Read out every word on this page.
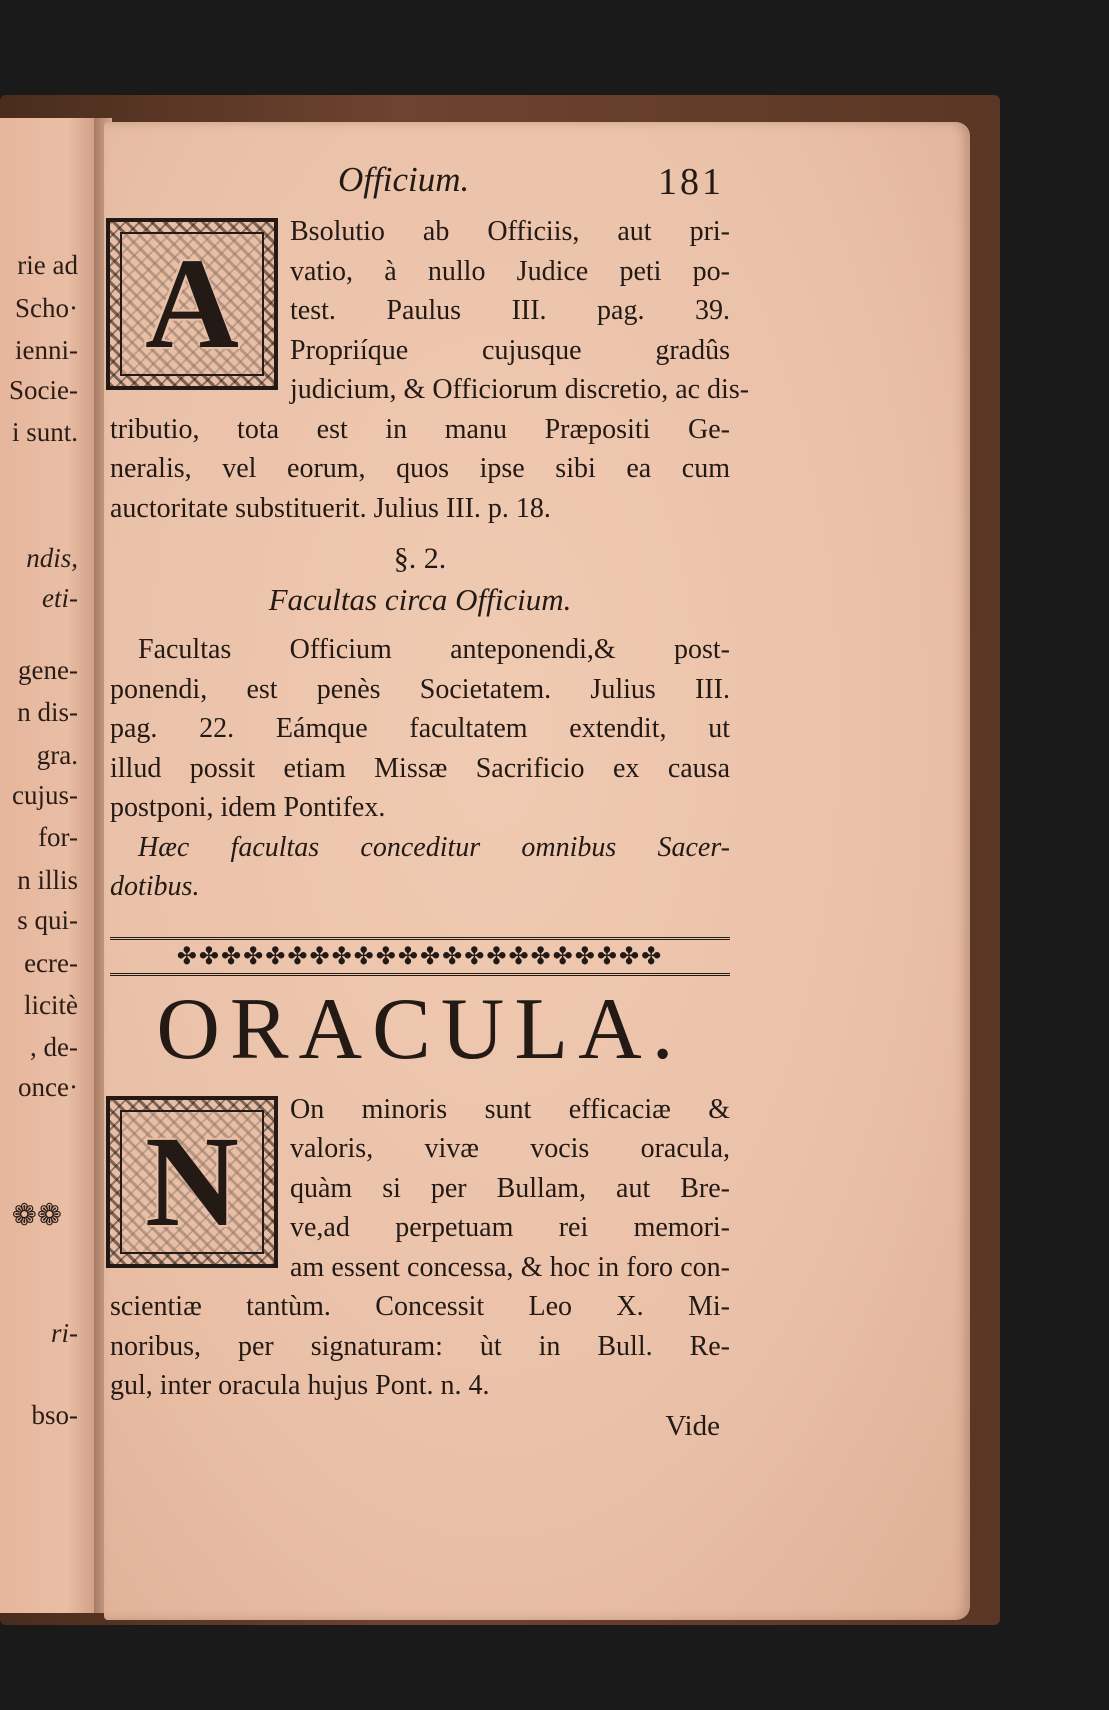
❁❁
rie ad
Scho·
ienni-
Socie-
i sunt.
ndis,
eti-
gene-
n dis-
gra.
cujus-
for-
n illis
s qui-
ecre-
licitè
, de-
once·
ri-
bso-
Officium.	181
A
Bsolutio ab Officiis, aut pri-
vatio, à nullo Judice peti po-
test. Paulus III. pag. 39.
Propriíque cujusque gradûs
judicium, & Officiorum discretio, ac dis-
tributio, tota est in manu Præpositi Ge-
neralis, vel eorum, quos ipse sibi ea cum
auctoritate substituerit. Julius III. p. 18.
§. 2.
Facultas circa Officium.
Facultas Officium anteponendi,& post-
ponendi, est penès Societatem. Julius III.
pag. 22. Eámque facultatem extendit, ut
illud possit etiam Missæ Sacrificio ex causa
postponi, idem Pontifex.
Hæc facultas conceditur omnibus Sacer-
dotibus.
✤✤✤✤✤✤✤✤✤✤✤✤✤✤✤✤✤✤✤✤✤✤
ORACULA.
N
On minoris sunt efficaciæ &
valoris, vivæ vocis oracula,
quàm si per Bullam, aut Bre-
ve,ad perpetuam rei memori-
am essent concessa, & hoc in foro con-
scientiæ tantùm. Concessit Leo X. Mi-
noribus, per signaturam: ùt in Bull. Re-
gul, inter oracula hujus Pont. n. 4.
Vide
